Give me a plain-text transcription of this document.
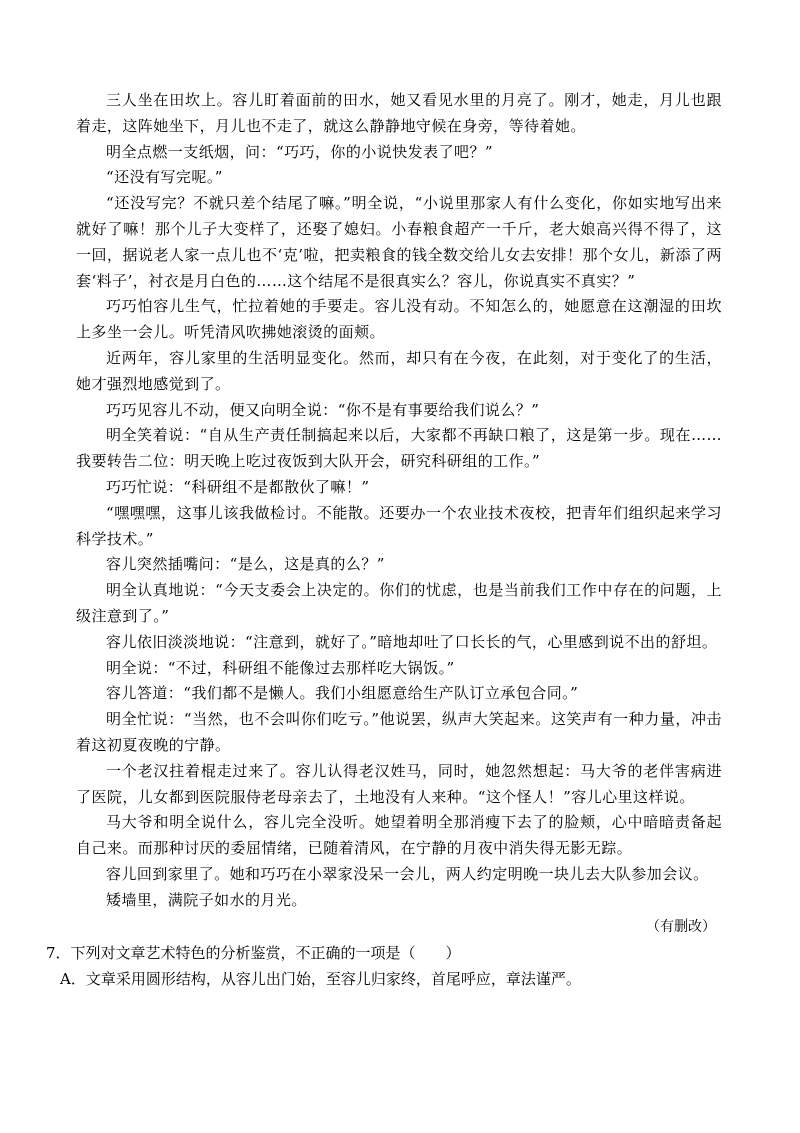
三人坐在田坎上。容儿盯着面前的田水，她又看见水里的月亮了。刚才，她走，月儿也跟着走，这阵她坐下，月儿也不走了，就这么静静地守候在身旁，等待着她。

明全点燃一支纸烟，问：“巧巧，你的小说快发表了吧？”

“还没有写完呢。”

“还没写完？不就只差个结尾了嘛。”明全说，“小说里那家人有什么变化，你如实地写出来就好了嘛！那个儿子大变样了，还娶了媳妇。小春粮食超产一千斤，老大娘高兴得不得了，这一回，据说老人家一点儿也不‘克’啦，把卖粮食的钱全数交给儿女去安排！那个女儿，新添了两套‘料子’，衬衣是月白色的……这个结尾不是很真实么？容儿，你说真实不真实？”

巧巧怕容儿生气，忙拉着她的手要走。容儿没有动。不知怎么的，她愿意在这潮湿的田坎上多坐一会儿。听凭清风吹拂她滚烫的面颊。

近两年，容儿家里的生活明显变化。然而，却只有在今夜，在此刻，对于变化了的生活，她才强烈地感觉到了。

巧巧见容儿不动，便又向明全说：“你不是有事要给我们说么？”

明全笑着说：“自从生产责任制搞起来以后，大家都不再缺口粮了，这是第一步。现在……我要转告二位：明天晚上吃过夜饭到大队开会，研究科研组的工作。”

巧巧忙说：“科研组不是都散伙了嘛！”

“嘿嘿嘿，这事儿该我做检讨。不能散。还要办一个农业技术夜校，把青年们组织起来学习科学技术。”

容儿突然插嘴问：“是么，这是真的么？”

明全认真地说：“今天支委会上决定的。你们的忧虑，也是当前我们工作中存在的问题，上级注意到了。”

容儿依旧淡淡地说：“注意到，就好了。”暗地却吐了口长长的气，心里感到说不出的舒坦。

明全说：“不过，科研组不能像过去那样吃大锅饭。”

容儿答道：“我们都不是懒人。我们小组愿意给生产队订立承包合同。”

明全忙说：“当然，也不会叫你们吃亏。”他说罢，纵声大笑起来。这笑声有一种力量，冲击着这初夏夜晚的宁静。

一个老汉拄着棍走过来了。容儿认得老汉姓马，同时，她忽然想起：马大爷的老伴害病进了医院，儿女都到医院服侍老母亲去了，土地没有人来种。“这个怪人！”容儿心里这样说。

马大爷和明全说什么，容儿完全没听。她望着明全那消瘦下去了的脸颊，心中暗暗责备起自己来。而那种讨厌的委屈情绪，已随着清风，在宁静的月夜中消失得无影无踪。

容儿回到家里了。她和巧巧在小翠家没呆一会儿，两人约定明晚一块儿去大队参加会议。

矮墙里，满院子如水的月光。

（有删改）

7．下列对文章艺术特色的分析鉴赏，不正确的一项是（　　）

A．文章采用圆形结构，从容儿出门始，至容儿归家终，首尾呼应，章法谨严。
